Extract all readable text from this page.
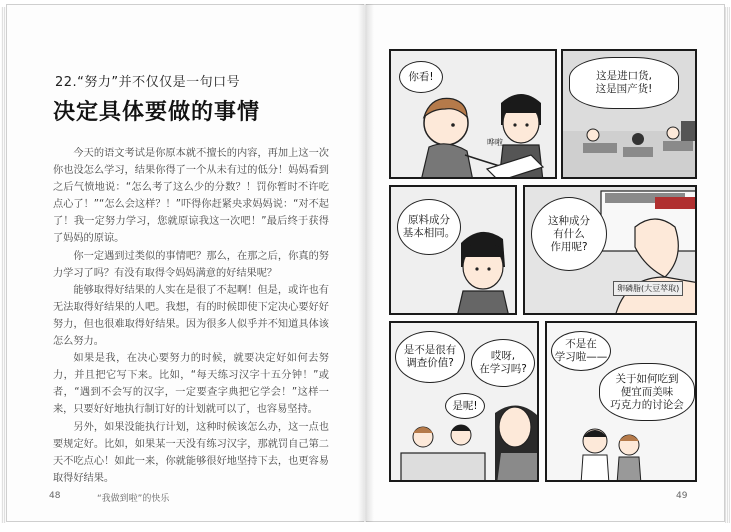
22.“努力”并不仅仅是一句口号
决定具体要做的事情

今天的语文考试是你原本就不擅长的内容，再加上这一次你也没怎么学习，结果你得了一个从未有过的低分！妈妈看到之后气愤地说：“怎么考了这么少的分数？！罚你暂时不许吃点心了！”“怎么会这样？！”吓得你赶紧央求妈妈说：“对不起了！我一定努力学习，您就原谅我这一次吧！”最后终于获得了妈妈的原谅。

你一定遇到过类似的事情吧？那么，在那之后，你真的努力学习了吗？有没有取得令妈妈满意的好结果呢？

能够取得好结果的人实在是很了不起啊！但是，或许也有无法取得好结果的人吧。我想，有的时候即使下定决心要好好努力，但也很难取得好结果。因为很多人似乎并不知道具体该怎么努力。

如果是我，在决心要努力的时候，就要决定好如何去努力，并且把它写下来。比如，“每天练习汉字十五分钟！”或者，“遇到不会写的汉字，一定要查字典把它学会！”这样一来，只要好好地执行制订好的计划就可以了，也容易坚持。

另外，如果没能执行计划，这种时候该怎么办，这一点也要规定好。比如，如果某一天没有练习汉字，那就罚自己第二天不吃点心！如此一来，你就能够很好地坚持下去，也更容易取得好结果。

48	“我做到啦”的快乐
你看!
哗啦
这是进口货,
这是国产货!
原料成分
基本相同。
这种成分
有什么
作用呢?
卵磷脂(大豆萃取)
是不是很有
调查价值?
是呢!
哎呀,
在学习吗?
不是在
学习啦——
关于如何吃到
便宜而美味
巧克力的讨论会
49
